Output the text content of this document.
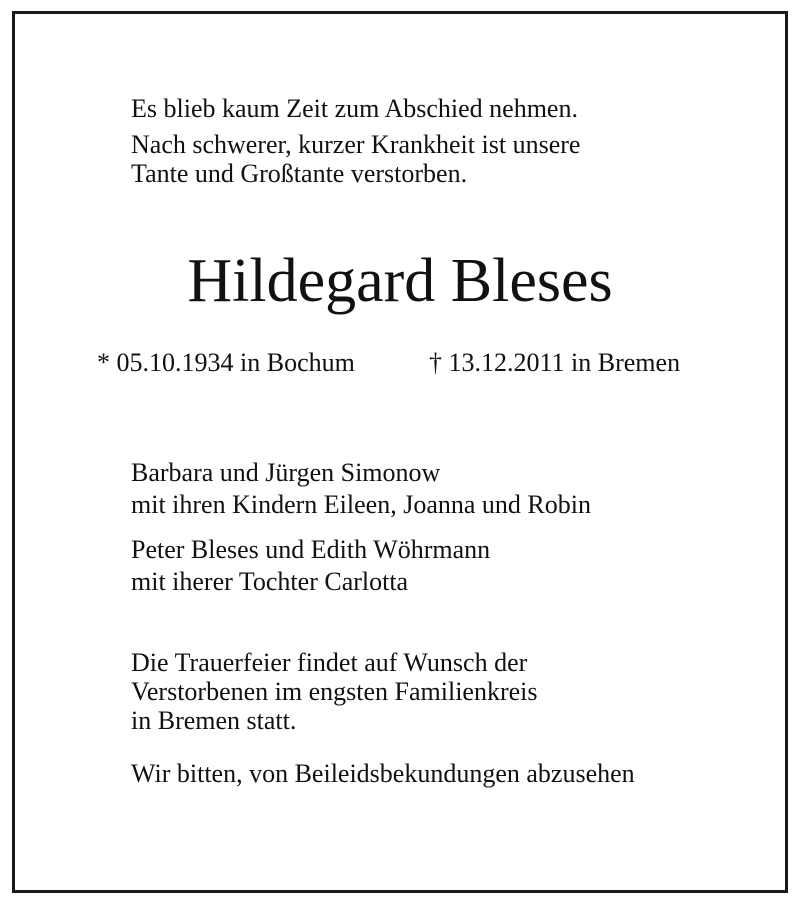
Es blieb kaum Zeit zum Abschied nehmen.

Nach schwerer, kurzer Krankheit ist unsere

Tante und Großtante verstorben.

Hildegard Bleses

* 05.10.1934 in Bochum	† 13.12.2011 in Bremen

Barbara und Jürgen Simonow

mit ihren Kindern Eileen, Joanna und Robin

Peter Bleses und Edith Wöhrmann

mit iherer Tochter Carlotta

Die Trauerfeier findet auf Wunsch der

Verstorbenen im engsten Familienkreis

in Bremen statt.

Wir bitten, von Beileidsbekundungen abzusehen
